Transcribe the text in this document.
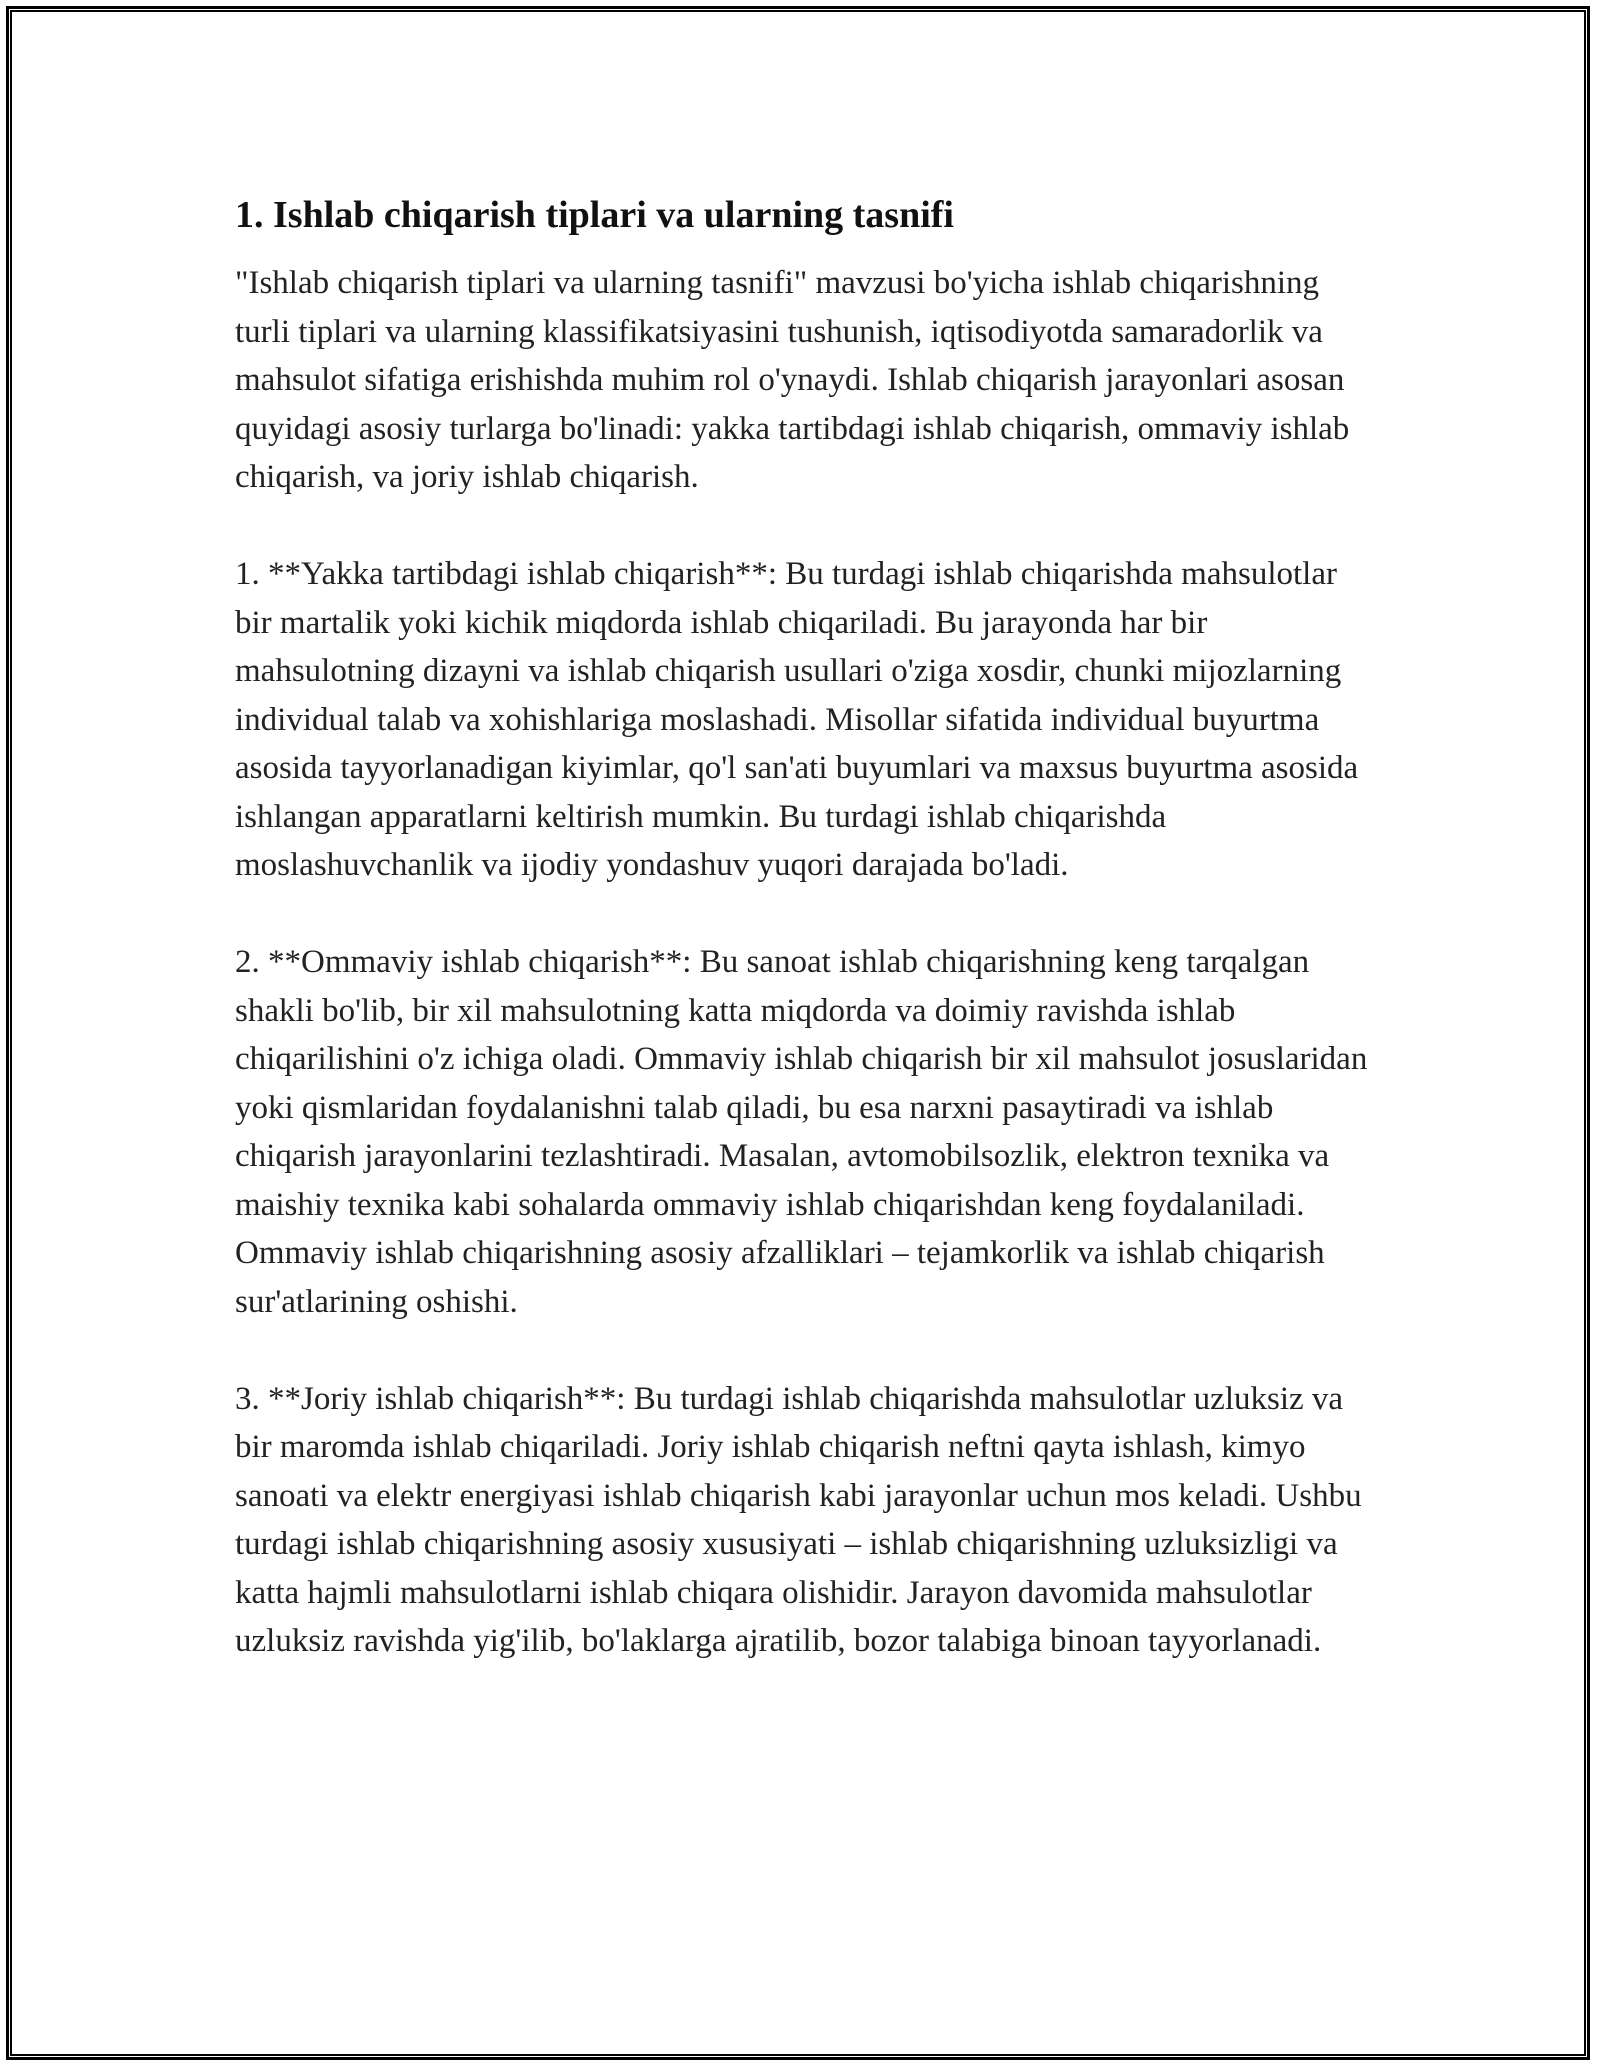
1. Ishlab chiqarish tiplari va ularning tasnifi

"Ishlab chiqarish tiplari va ularning tasnifi" mavzusi bo'yicha ishlab chiqarishning turli tiplari va ularning klassifikatsiyasini tushunish, iqtisodiyotda samaradorlik va mahsulot sifatiga erishishda muhim rol o'ynaydi. Ishlab chiqarish jarayonlari asosan quyidagi asosiy turlarga bo'linadi: yakka tartibdagi ishlab chiqarish, ommaviy ishlab chiqarish, va joriy ishlab chiqarish.

1. **Yakka tartibdagi ishlab chiqarish**: Bu turdagi ishlab chiqarishda mahsulotlar bir martalik yoki kichik miqdorda ishlab chiqariladi. Bu jarayonda har bir mahsulotning dizayni va ishlab chiqarish usullari o'ziga xosdir, chunki mijozlarning individual talab va xohishlariga moslashadi. Misollar sifatida individual buyurtma asosida tayyorlanadigan kiyimlar, qo'l san'ati buyumlari va maxsus buyurtma asosida ishlangan apparatlarni keltirish mumkin. Bu turdagi ishlab chiqarishda moslashuvchanlik va ijodiy yondashuv yuqori darajada bo'ladi.

2. **Ommaviy ishlab chiqarish**: Bu sanoat ishlab chiqarishning keng tarqalgan shakli bo'lib, bir xil mahsulotning katta miqdorda va doimiy ravishda ishlab chiqarilishini o'z ichiga oladi. Ommaviy ishlab chiqarish bir xil mahsulot josuslaridan yoki qismlaridan foydalanishni talab qiladi, bu esa narxni pasaytiradi va ishlab chiqarish jarayonlarini tezlashtiradi. Masalan, avtomobilsozlik, elektron texnika va maishiy texnika kabi sohalarda ommaviy ishlab chiqarishdan keng foydalaniladi. Ommaviy ishlab chiqarishning asosiy afzalliklari – tejamkorlik va ishlab chiqarish sur'atlarining oshishi.

3. **Joriy ishlab chiqarish**: Bu turdagi ishlab chiqarishda mahsulotlar uzluksiz va bir maromda ishlab chiqariladi. Joriy ishlab chiqarish neftni qayta ishlash, kimyo sanoati va elektr energiyasi ishlab chiqarish kabi jarayonlar uchun mos keladi. Ushbu turdagi ishlab chiqarishning asosiy xususiyati – ishlab chiqarishning uzluksizligi va katta hajmli mahsulotlarni ishlab chiqara olishidir. Jarayon davomida mahsulotlar uzluksiz ravishda yig'ilib, bo'laklarga ajratilib, bozor talabiga binoan tayyorlanadi.
